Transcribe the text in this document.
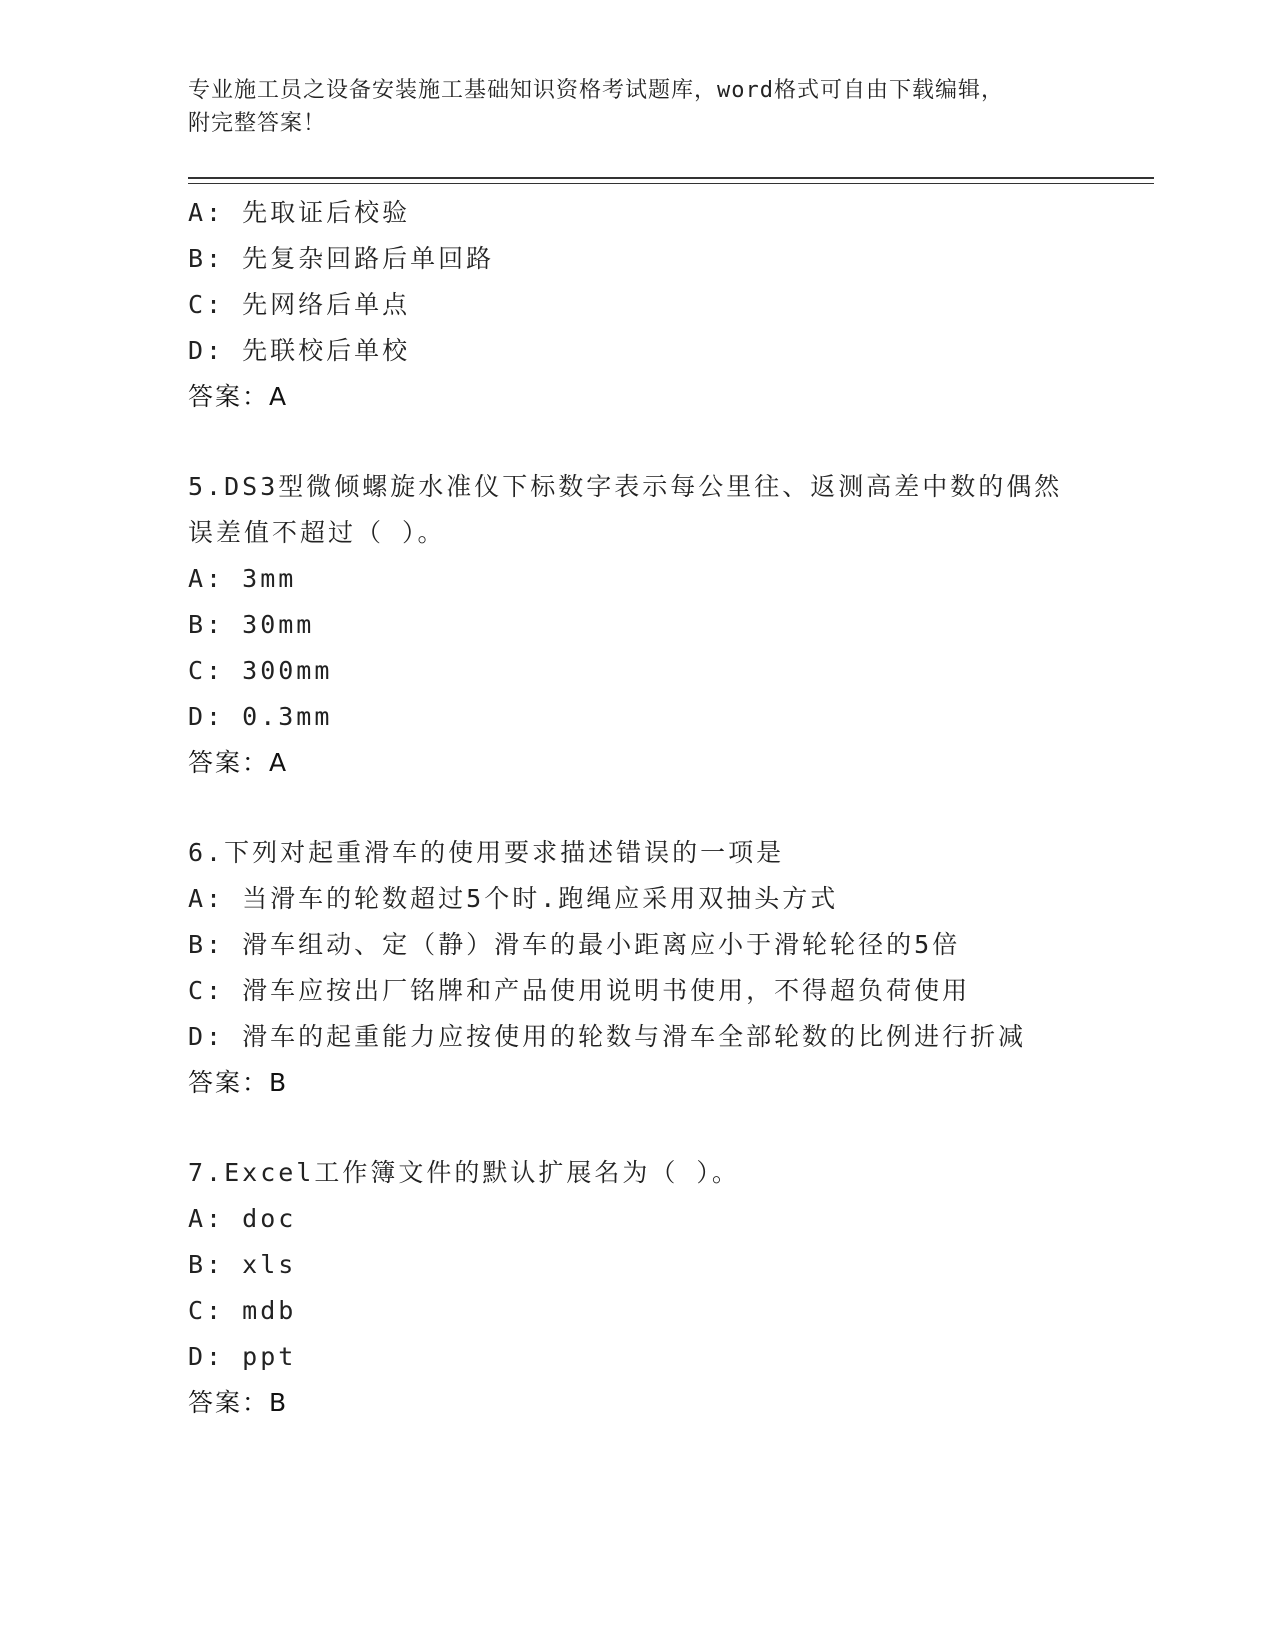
专业施工员之设备安装施工基础知识资格考试题库，word格式可自由下载编辑，
附完整答案！
A: 先取证后校验
B: 先复杂回路后单回路
C: 先网络后单点
D: 先联校后单校
答案：A
5.DS3型微倾螺旋水准仪下标数字表示每公里往、返测高差中数的偶然
误差值不超过（ ）。
A: 3mm
B: 30mm
C: 300mm
D: 0.3mm
答案：A
6.下列对起重滑车的使用要求描述错误的一项是
A: 当滑车的轮数超过5个时.跑绳应采用双抽头方式
B: 滑车组动、定（静）滑车的最小距离应小于滑轮轮径的5倍
C: 滑车应按出厂铭牌和产品使用说明书使用，不得超负荷使用
D: 滑车的起重能力应按使用的轮数与滑车全部轮数的比例进行折减
答案：B
7.Excel工作簿文件的默认扩展名为（ ）。
A: doc
B: xls
C: mdb
D: ppt
答案：B
